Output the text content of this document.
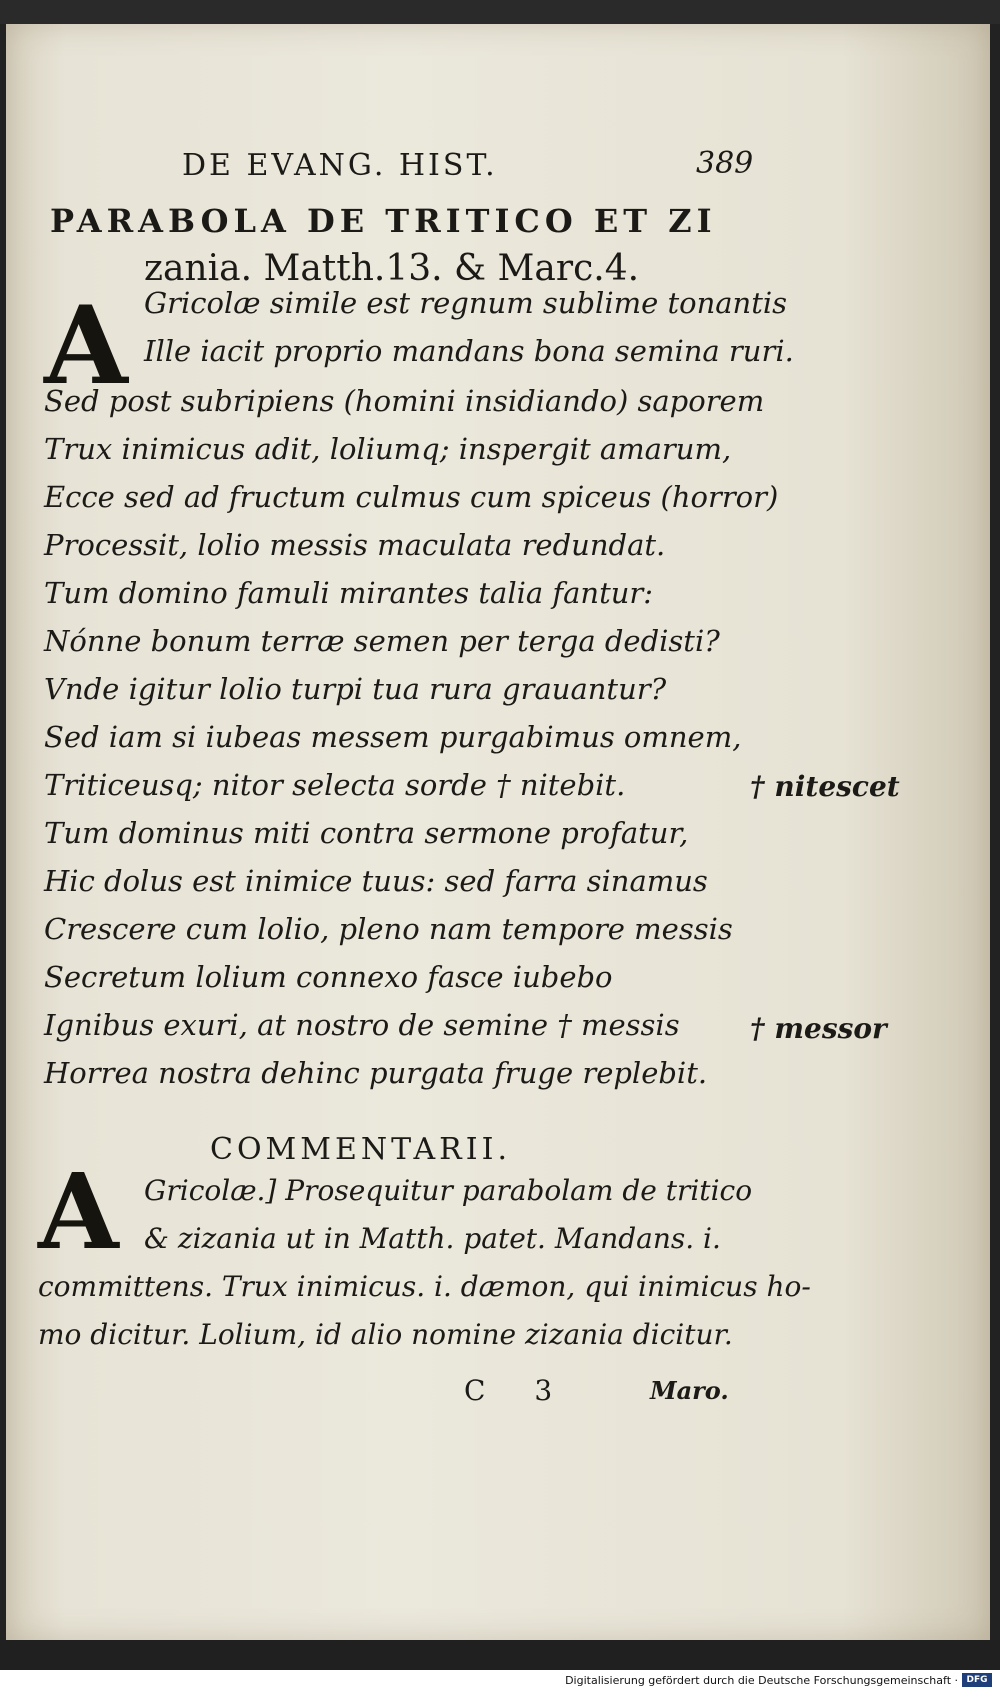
DE EVANG. HIST.	389
PARABOLA DE TRITICO ET ZI
zania. Matth.13. & Marc.4.
A Gricolæ simile est regnum sublime tonantis
Ille iacit proprio mandans bona semina ruri.
Sed post subripiens (homini insidiando) saporem
Trux inimicus adit, loliumq; inspergit amarum,
Ecce sed ad fructum culmus cum spiceus (horror)
Processit, lolio messis maculata redundat.
Tum domino famuli mirantes talia fantur:
Nónne bonum terræ semen per terga dedisti?
Vnde igitur lolio turpi tua rura grauantur?
Sed iam si iubeas messem purgabimus omnem,
Triticeusq; nitor selecta sorde † nitebit.
Tum dominus miti contra sermone profatur,
Hic dolus est inimice tuus: sed farra sinamus
Crescere cum lolio, pleno nam tempore messis
Secretum lolium connexo fasce iubebo
Ignibus exuri, at nostro de semine † messis
Horrea nostra dehinc purgata fruge replebit.
† nitescet
† messor
COMMENTARII.
A Gricolæ.] Prosequitur parabolam de tritico
& zizania ut in Matth. patet. Mandans. i.
committens. Trux inimicus. i. dæmon, qui inimicus ho-
mo dicitur. Lolium, id alio nomine zizania dicitur.
C 3	Maro.
Digitalisierung gefördert durch die Deutsche Forschungsgemeinschaft · DFG
